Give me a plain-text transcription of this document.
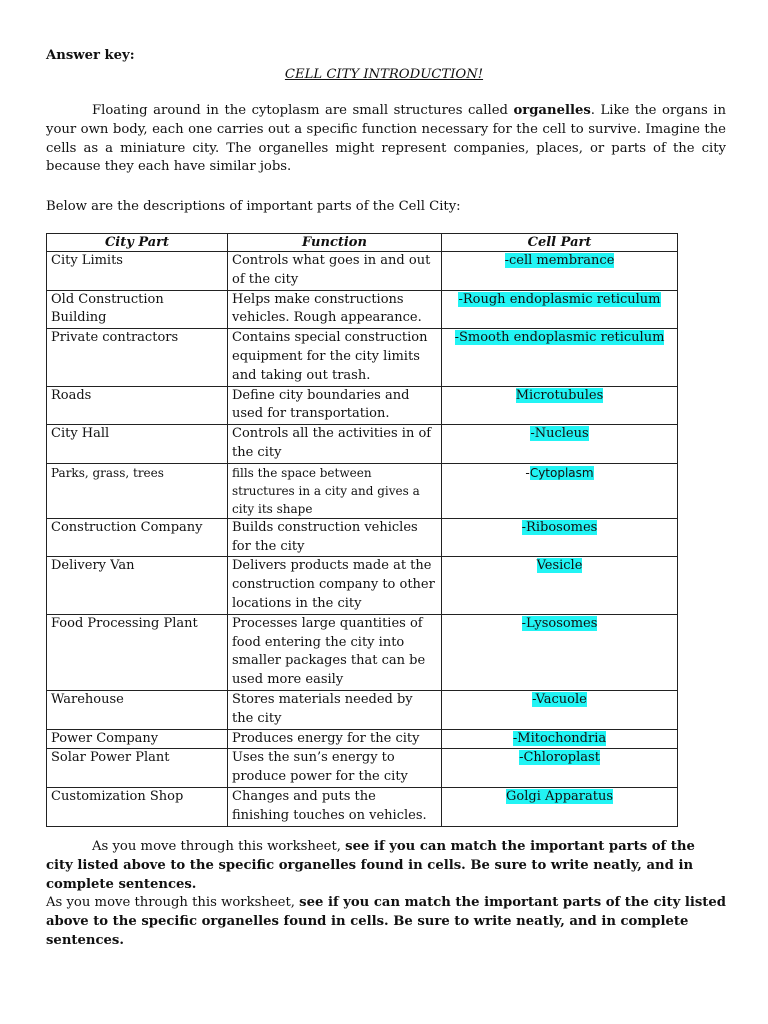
Answer key:
CELL CITY INTRODUCTION!
Floating around in the cytoplasm are small structures called organelles. Like the organs in your own body, each one carries out a specific function necessary for the cell to survive. Imagine the cells as a miniature city. The organelles might represent companies, places, or parts of the city because they each have similar jobs.
Below are the descriptions of important parts of the Cell City:
City Part	Function	Cell Part
City Limits	Controls what goes in and out of the city	-cell membrance
Old Construction Building	Helps make constructions vehicles. Rough appearance.	-Rough endoplasmic reticulum
Private contractors	Contains special construction equipment for the city limits and taking out trash.	-Smooth endoplasmic reticulum
Roads	Define city boundaries and used for transportation.	Microtubules
City Hall	Controls all the activities in of the city	-Nucleus
Parks, grass, trees	fills the space between structures in a city and gives a city its shape	-Cytoplasm
Construction Company	Builds construction vehicles for the city	-Ribosomes
Delivery Van	Delivers products made at the construction company to other locations in the city	Vesicle
Food Processing Plant	Processes large quantities of food entering the city into smaller packages that can be used more easily	-Lysosomes
Warehouse	Stores materials needed by the city	-Vacuole
Power Company	Produces energy for the city	-Mitochondria
Solar Power Plant	Uses the sun’s energy to produce power for the city	-Chloroplast
Customization Shop	Changes and puts the finishing touches on vehicles.	Golgi Apparatus
As you move through this worksheet, see if you can match the important parts of the city listed above to the specific organelles found in cells. Be sure to write neatly, and in complete sentences.
As you move through this worksheet, see if you can match the important parts of the city listed above to the specific organelles found in cells. Be sure to write neatly, and in complete sentences.
